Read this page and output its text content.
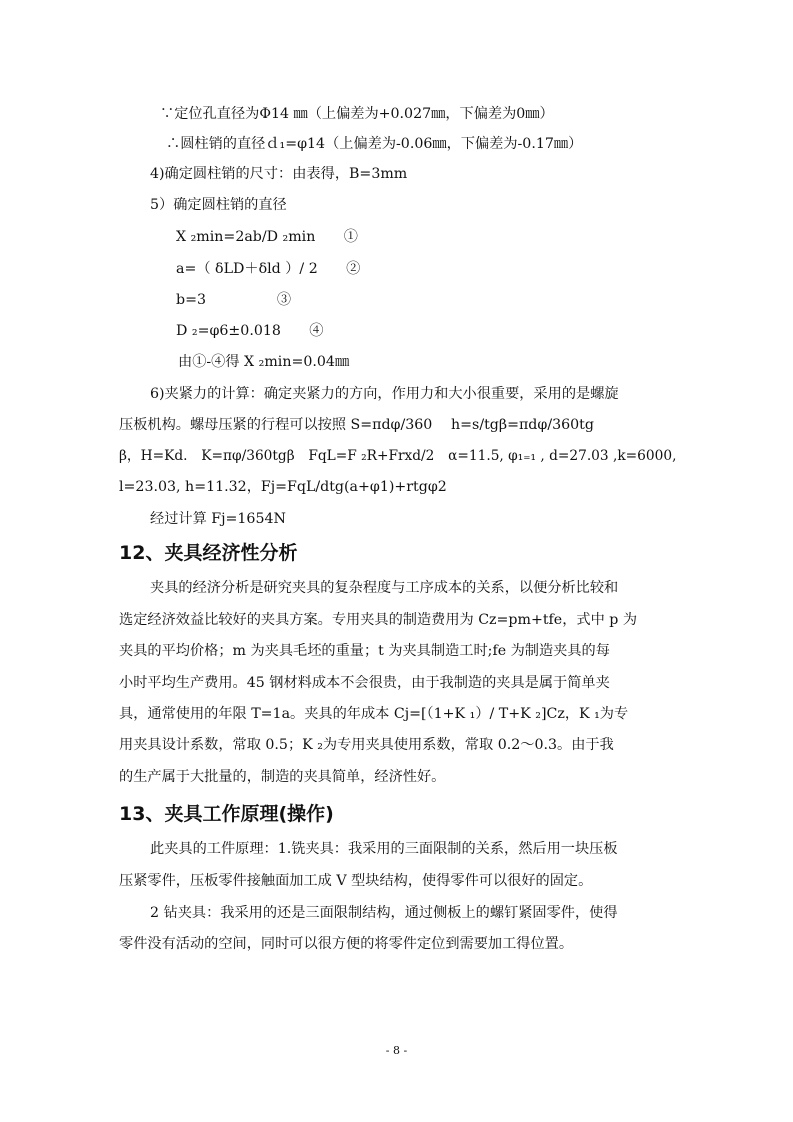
∵定位孔直径为Φ14 ㎜（上偏差为+0.027㎜，下偏差为0㎜）
∴圆柱销的直径ｄ₁=φ14（上偏差为-0.06㎜，下偏差为-0.17㎜）
4)确定圆柱销的尺寸：由表得，B=3mm
5）确定圆柱销的直径
X ₂min=2ab/D ₂min　　①
a=（ δLD＋δld ）/ 2　　②
b=3　　　　　③
D ₂=φ6±0.018　　④
由①-④得 X ₂min=0.04㎜
6)夹紧力的计算：确定夹紧力的方向，作用力和大小很重要，采用的是螺旋
压板机构。螺母压紧的行程可以按照 S=πdφ/360　 h=s/tgβ=πdφ/360tg
β，H=Kd.　K=πφ/360tgβ　FqL=F ₂R+Frxd/2　α=11.5, φ₁₌₁ , d=27.03 ,k=6000,
l=23.03, h=11.32，Fj=FqL/dtg(a+φ1)+rtgφ2
经过计算 Fj=1654N
12、夹具经济性分析
夹具的经济分析是研究夹具的复杂程度与工序成本的关系，以便分析比较和
选定经济效益比较好的夹具方案。专用夹具的制造费用为 Cz=pm+tfe，式中 p 为
夹具的平均价格；m 为夹具毛坯的重量；t 为夹具制造工时;fe 为制造夹具的每
小时平均生产费用。45 钢材料成本不会很贵，由于我制造的夹具是属于简单夹
具，通常使用的年限 T=1a。夹具的年成本 Cj=[（1+K ₁）/ T+K ₂]Cz，K ₁为专
用夹具设计系数，常取 0.5；K ₂为专用夹具使用系数，常取 0.2～0.3。由于我
的生产属于大批量的，制造的夹具简单，经济性好。
13、夹具工作原理(操作)
此夹具的工件原理：1.铣夹具：我采用的三面限制的关系，然后用一块压板
压紧零件，压板零件接触面加工成 V 型块结构，使得零件可以很好的固定。
2 钻夹具：我采用的还是三面限制结构，通过侧板上的螺钉紧固零件，使得
零件没有活动的空间，同时可以很方便的将零件定位到需要加工得位置。
- 8 -
